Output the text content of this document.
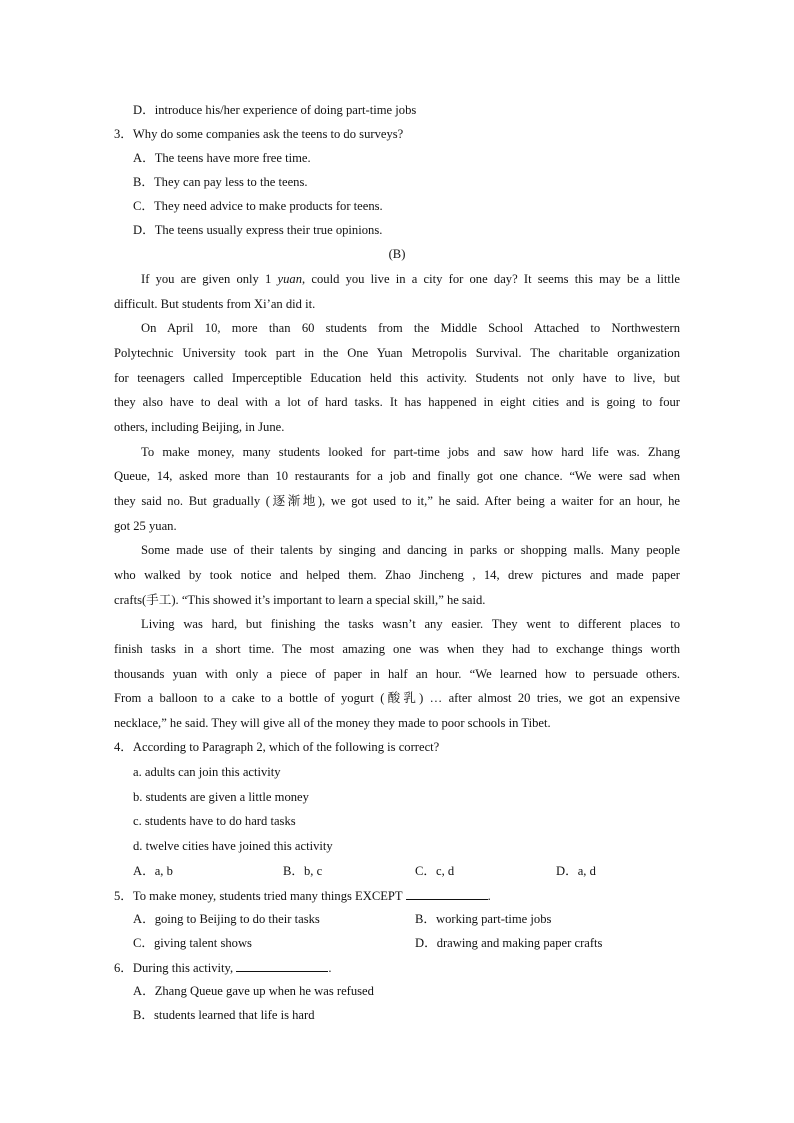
D．introduce his/her experience of doing part-time jobs
3．Why do some companies ask the teens to do surveys?
A．The teens have more free time.
B．They can pay less to the teens.
C．They need advice to make products for teens.
D．The teens usually express their true opinions.
(B)
If you are given only 1 yuan, could you live in a city for one day? It seems this may be a little
difficult. But students from Xi’an did it.
On April 10, more than 60 students from the Middle School Attached to Northwestern
Polytechnic University took part in the One Yuan Metropolis Survival. The charitable organization
for teenagers called Imperceptible Education held this activity. Students not only have to live, but
they also have to deal with a lot of hard tasks. It has happened in eight cities and is going to four
others, including Beijing, in June.
To make money, many students looked for part-time jobs and saw how hard life was. Zhang
Queue, 14, asked more than 10 restaurants for a job and finally got one chance. “We were sad when
they said no. But gradually (逐渐地), we got used to it,” he said. After being a waiter for an hour, he
got 25 yuan.
Some made use of their talents by singing and dancing in parks or shopping malls. Many people
who walked by took notice and helped them. Zhao Jincheng , 14, drew pictures and made paper
crafts(手工). “This showed it’s important to learn a special skill,” he said.
Living was hard, but finishing the tasks wasn’t any easier. They went to different places to
finish tasks in a short time. The most amazing one was when they had to exchange things worth
thousands yuan with only a piece of paper in half an hour. “We learned how to persuade others.
From a balloon to a cake to a bottle of yogurt (酸乳) … after almost 20 tries, we got an expensive
necklace,” he said. They will give all of the money they made to poor schools in Tibet.
4．According to Paragraph 2, which of the following is correct?
a. adults can join this activity
b. students are given a little money
c. students have to do hard tasks
d. twelve cities have joined this activity
A．a, b	B．b, c	C．c, d	D．a, d
5．To make money, students tried many things EXCEPT	.
A．going to Beijing to do their tasks	B．working part-time jobs
C．giving talent shows	D．drawing and making paper crafts
6．During this activity,	.
A．Zhang Queue gave up when he was refused
B．students learned that life is hard
